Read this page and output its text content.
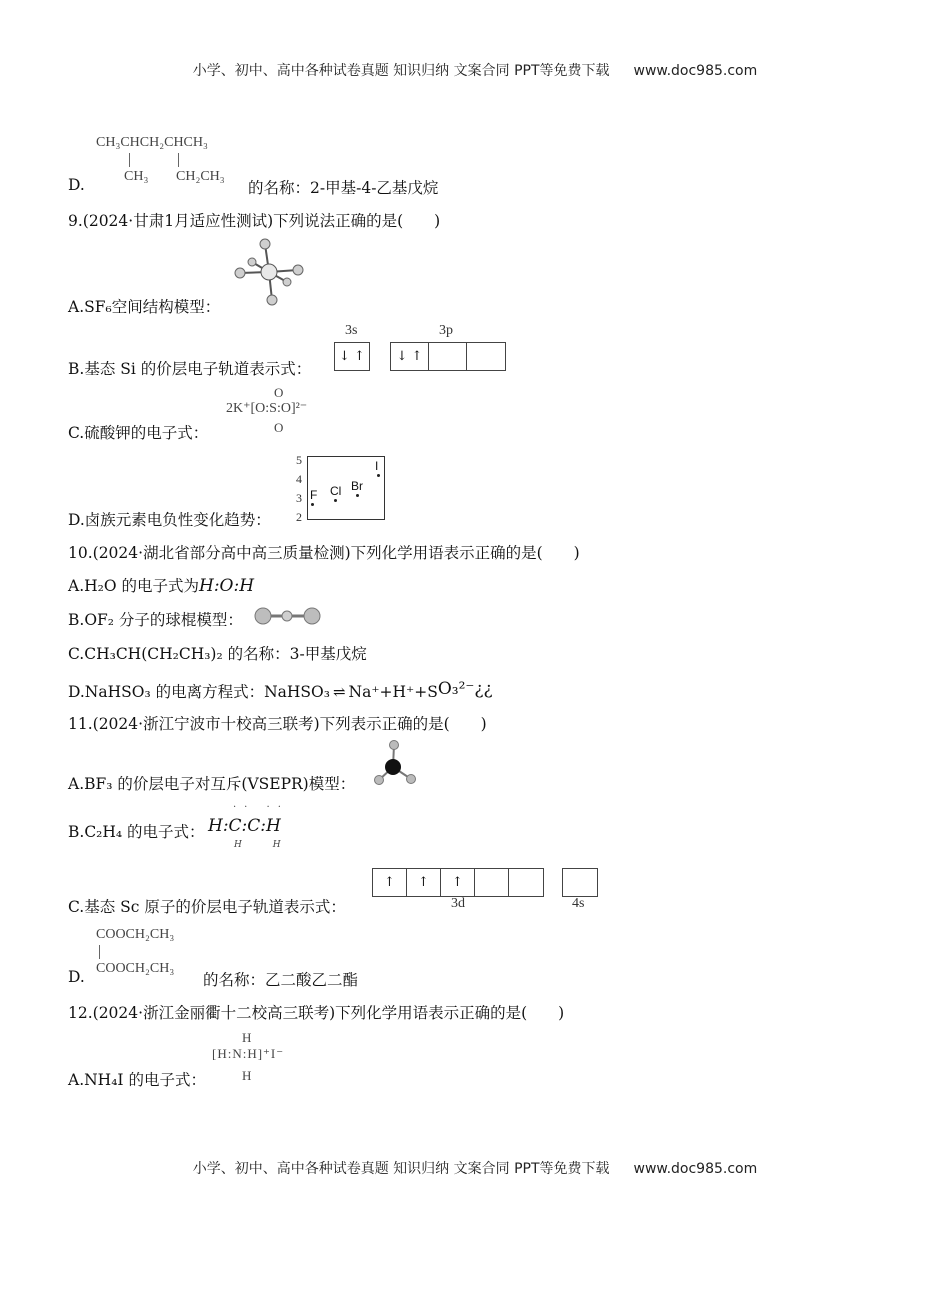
小学、初中、高中各种试卷真题 知识归纳 文案合同 PPT等免费下载 www.doc985.com
CH₃CHCH₂CHCH₃
CH₃ CH₂CH₃
D.	的名称：2-甲基-4-乙基戊烷
9.(2024·甘肃1月适应性测试)下列说法正确的是(　　)
A.SF₆空间结构模型：
3s	3p
↓ ↑	↓ ↑
B.基态 Si 的价层电子轨道表示式：
O
2K⁺[O:S:O]²⁻
O
C.硫酸钾的电子式：
5
4
3
2
F Cl Br
I
D.卤族元素电负性变化趋势：
10.(2024·湖北省部分高中高三质量检测)下列化学用语表示正确的是(　　)
A.H₂O 的电子式为H:O:H
B.OF₂ 分子的球棍模型：
C.CH₃CH(CH₂CH₃)₂ 的名称：3-甲基戊烷
D.NaHSO₃ 的电离方程式：NaHSO₃ ⇌ Na⁺+H⁺+SO₃²⁻¿¿
11.(2024·浙江宁波市十校高三联考)下列表示正确的是(　　)
A.BF₃ 的价层电子对互斥(VSEPR)模型：
.. ..
B.C₂H₄ 的电子式： H:C:C:H
H H
↑	↑	↑
3d	4s
C.基态 Sc 原子的价层电子轨道表示式：
COOCH₂CH₃
COOCH₂CH₃
D.	的名称：乙二酸乙二酯
12.(2024·浙江金丽衢十二校高三联考)下列化学用语表示正确的是(　　)
H
[H:N:H]⁺I⁻
H
A.NH₄I 的电子式：
小学、初中、高中各种试卷真题 知识归纳 文案合同 PPT等免费下载 www.doc985.com
